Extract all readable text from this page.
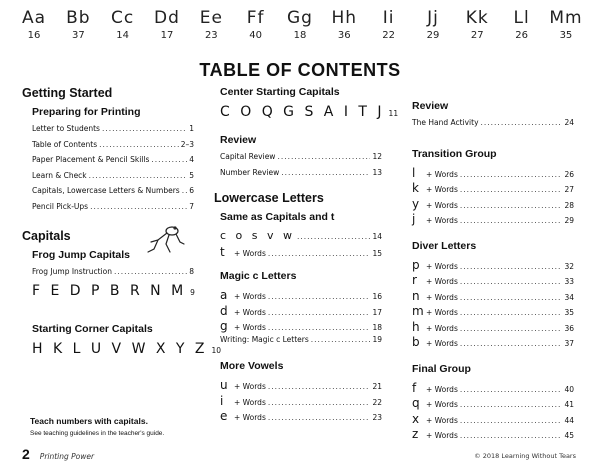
Aa
16
Bb
37
Cc
14
Dd
17
Ee
23
Ff
40
Gg
18
Hh
36
Ii
22
Jj
29
Kk
27
Ll
26
Mm
35
TABLE OF CONTENTS
Getting Started
Preparing for Printing
Letter to Students .....	1
Table of Contents .....	2–3
Paper Placement & Pencil Skills .....	4
Learn & Check .....	5
Capitals, Lowercase Letters & Numbers ..... 6
Pencil Pick-Ups .....	7
Capitals
Frog Jump Capitals
Frog Jump Instruction .....	8
F E D P B R N M 9
Starting Corner Capitals
H K L U V W X Y Z 10
Center Starting Capitals
C O Q G S A I T J 11
Review
Capital Review .....	12
Number Review .....	13
Lowercase Letters
Same as Capitals and t
c o s v w .....	14
t	+ Words .....	15
Magic c Letters
a + Words .....	16
d + Words .....	17
g + Words .....	18
Writing: Magic c Letters .....	19
More Vowels
u + Words .....	21
i	+ Words .....	22
e + Words .....	23
Review
The Hand Activity .....	24
Transition Group
l	+ Words .....	26
k + Words .....	27
y + Words .....	28
j	+ Words .....	29
Diver Letters
p + Words .....	32
r	+ Words .....	33
n + Words .....	34
m + Words .....	35
h + Words .....	36
b + Words .....	37
Final Group
f	+ Words .....	40
q + Words .....	41
x + Words .....	44
z	+ Words .....	45
Teach numbers with capitals.
See teaching guidelines in the teacher's guide.
2 Printing Power	© 2018 Learning Without Tears
